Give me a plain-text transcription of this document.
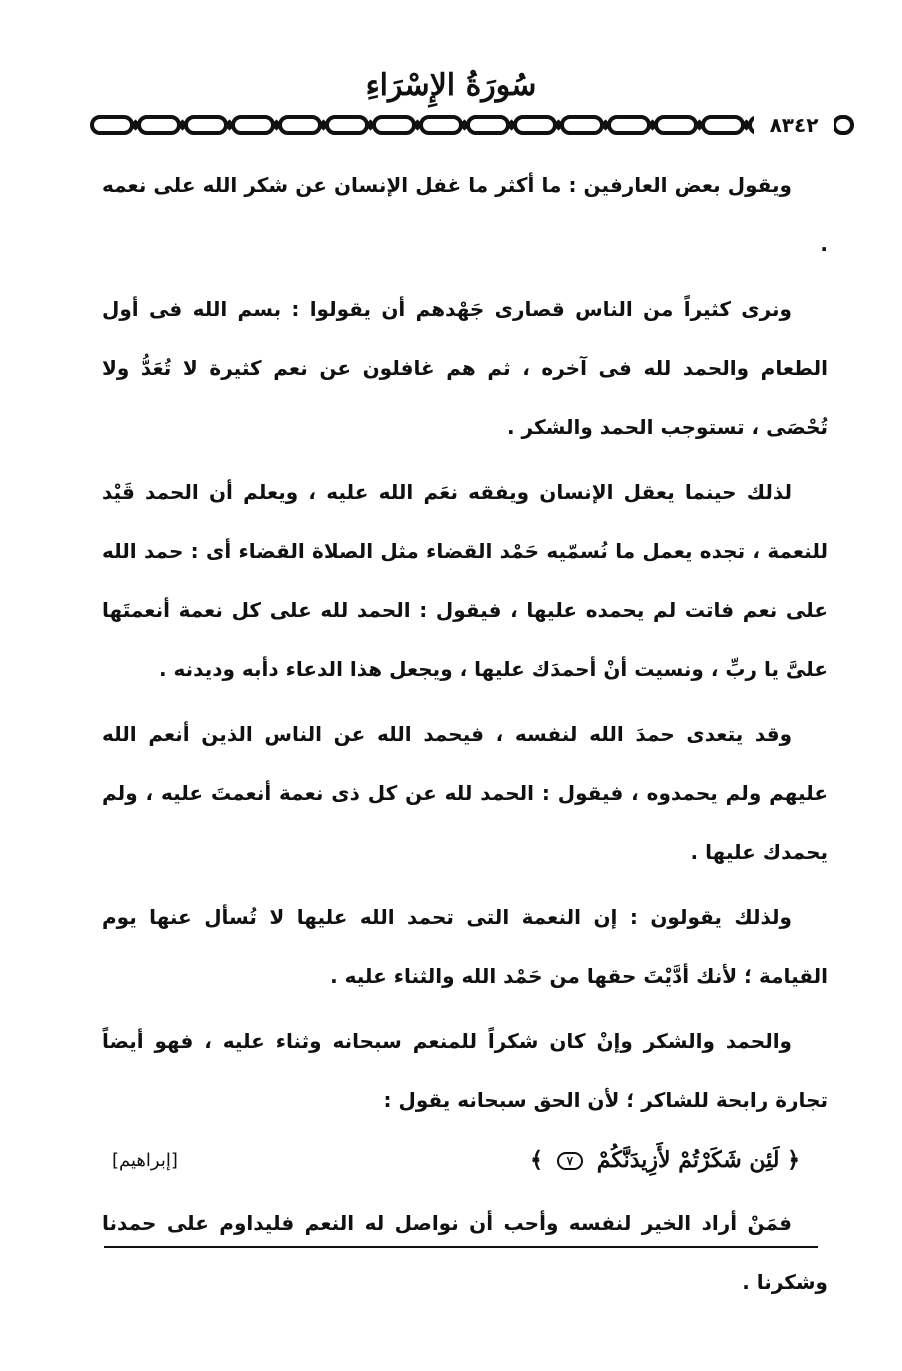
سُورَةُ الإِسْرَاءِ
٨٣٤٢

ويقول بعض العارفين : ما أكثر ما غفل الإنسان عن شكر الله على نعمه .

ونرى كثيراً من الناس قصارى جَهْدهم أن يقولوا : بسم الله فى أول الطعام والحمد لله فى آخره ، ثم هم غافلون عن نعم كثيرة لا تُعَدُّ ولا تُحْصَى ، تستوجب الحمد والشكر .

لذلك حينما يعقل الإنسان ويفقه نعَم الله عليه ، ويعلم أن الحمد قَيْد للنعمة ، تجده يعمل ما نُسمّيه حَمْد القضاء مثل الصلاة القضاء أى : حمد الله على نعم فاتت لم يحمده عليها ، فيقول : الحمد لله على كل نعمة أنعمتَها علىَّ يا ربِّ ، ونسيت أنْ أحمدَك عليها ، ويجعل هذا الدعاء دأبه وديدنه .

وقد يتعدى حمدَ الله لنفسه ، فيحمد الله عن الناس الذين أنعم الله عليهم ولم يحمدوه ، فيقول : الحمد لله عن كل ذى نعمة أنعمتَ عليه ، ولم يحمدك عليها .

ولذلك يقولون : إن النعمة التى تحمد الله عليها لا تُسأل عنها يوم القيامة ؛ لأنك أدَّيْتَ حقها من حَمْد الله والثناء عليه .

والحمد والشكر وإنْ كان شكراً للمنعم سبحانه وثناء عليه ، فهو أيضاً تجارة رابحة للشاكر ؛ لأن الحق سبحانه يقول :

﴿ لَئِن شَكَرْتُمْ لأَزِيدَنَّكُمْ ٧ ﴾
[إبراهيم]

فمَنْ أراد الخير لنفسه وأحب أن نواصل له النعم فليداوم على حمدنا وشكرنا .
